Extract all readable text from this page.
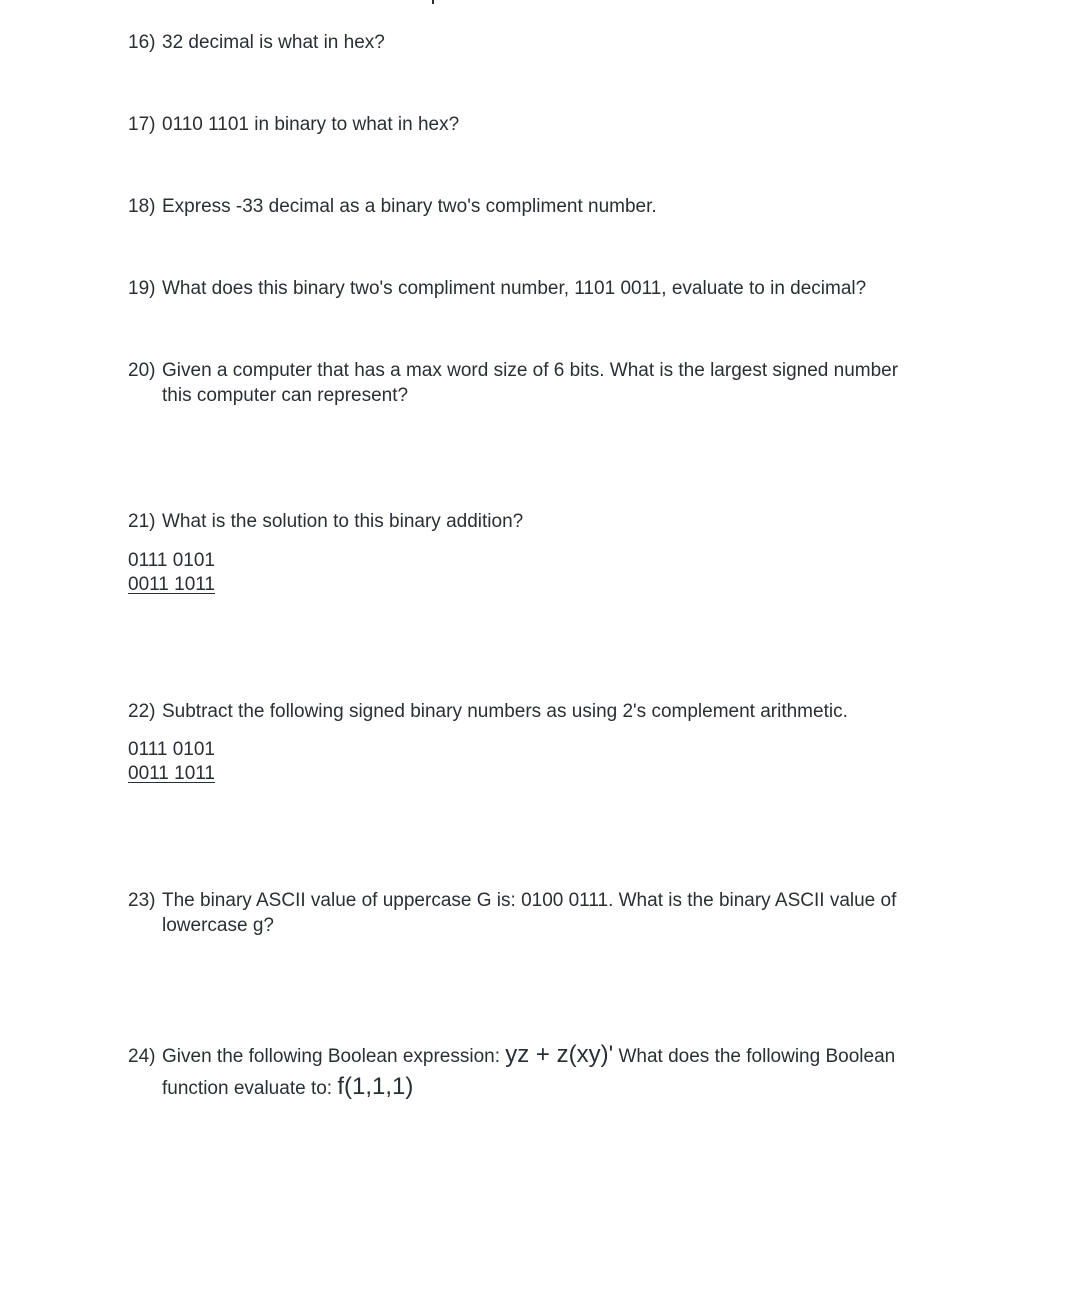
16) 32 decimal is what in hex?
17) 0110 1101 in binary to what in hex?
18) Express -33 decimal as a binary two's compliment number.
19) What does this binary two's compliment number, 1101 0011, evaluate to in decimal?
20) Given a computer that has a max word size of 6 bits. What is the largest signed number
this computer can represent?
21) What is the solution to this binary addition?
0111 0101
0011 1011
22) Subtract the following signed binary numbers as using 2's complement arithmetic.
0111 0101
0011 1011
23) The binary ASCII value of uppercase G is: 0100 0111. What is the binary ASCII value of
lowercase g?
24) Given the following Boolean expression: yz + z(xy)' What does the following Boolean
function evaluate to: f(1,1,1)
